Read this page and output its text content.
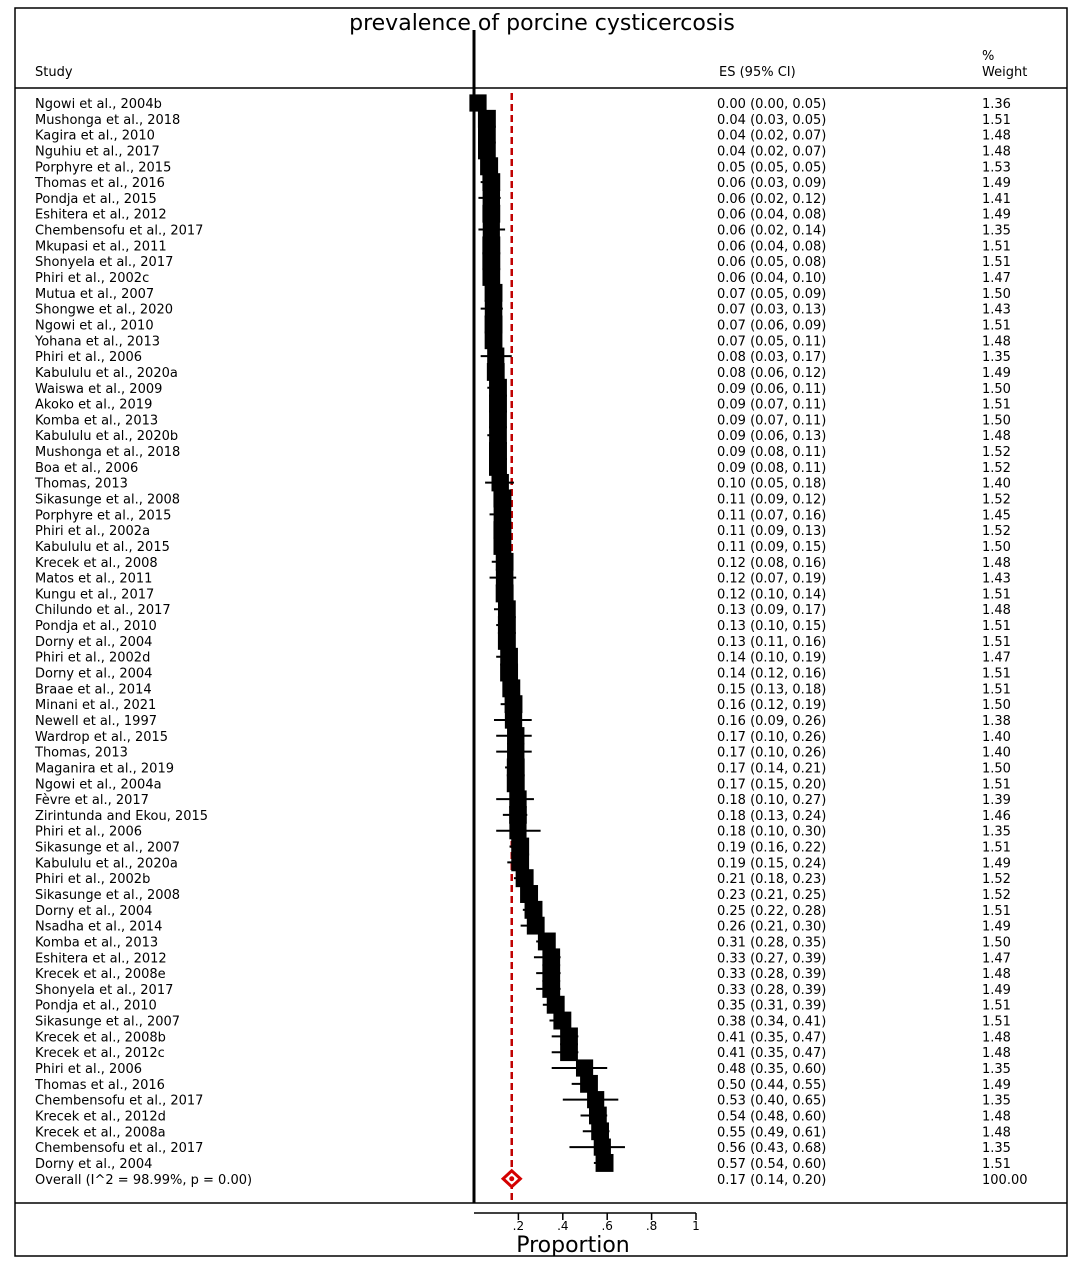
prevalence of porcine cysticercosis
Study	ES (95% CI)
%
Weight
Ngowi et al., 2004b	0.00 (0.00, 0.05)	1.36
Mushonga et al., 2018	0.04 (0.03, 0.05)	1.51
Kagira et al., 2010	0.04 (0.02, 0.07)	1.48
Nguhiu et al., 2017	0.04 (0.02, 0.07)	1.48
Porphyre et al., 2015	0.05 (0.05, 0.05)	1.53
Thomas et al., 2016	0.06 (0.03, 0.09)	1.49
Pondja et al., 2015	0.06 (0.02, 0.12)	1.41
Eshitera et al., 2012	0.06 (0.04, 0.08)	1.49
Chembensofu et al., 2017	0.06 (0.02, 0.14)	1.35
Mkupasi et al., 2011	0.06 (0.04, 0.08)	1.51
Shonyela et al., 2017	0.06 (0.05, 0.08)	1.51
Phiri et al., 2002c	0.06 (0.04, 0.10)	1.47
Mutua et al., 2007	0.07 (0.05, 0.09)	1.50
Shongwe et al., 2020	0.07 (0.03, 0.13)	1.43
Ngowi et al., 2010	0.07 (0.06, 0.09)	1.51
Yohana et al., 2013	0.07 (0.05, 0.11)	1.48
Phiri et al., 2006	0.08 (0.03, 0.17)	1.35
Kabululu et al., 2020a	0.08 (0.06, 0.12)	1.49
Waiswa et al., 2009	0.09 (0.06, 0.11)	1.50
Akoko et al., 2019	0.09 (0.07, 0.11)	1.51
Komba et al., 2013	0.09 (0.07, 0.11)	1.50
Kabululu et al., 2020b	0.09 (0.06, 0.13)	1.48
Mushonga et al., 2018	0.09 (0.08, 0.11)	1.52
Boa et al., 2006	0.09 (0.08, 0.11)	1.52
Thomas, 2013	0.10 (0.05, 0.18)	1.40
Sikasunge et al., 2008	0.11 (0.09, 0.12)	1.52
Porphyre et al., 2015	0.11 (0.07, 0.16)	1.45
Phiri et al., 2002a	0.11 (0.09, 0.13)	1.52
Kabululu et al., 2015	0.11 (0.09, 0.15)	1.50
Krecek et al., 2008	0.12 (0.08, 0.16)	1.48
Matos et al., 2011	0.12 (0.07, 0.19)	1.43
Kungu et al., 2017	0.12 (0.10, 0.14)	1.51
Chilundo et al., 2017	0.13 (0.09, 0.17)	1.48
Pondja et al., 2010	0.13 (0.10, 0.15)	1.51
Dorny et al., 2004	0.13 (0.11, 0.16)	1.51
Phiri et al., 2002d	0.14 (0.10, 0.19)	1.47
Dorny et al., 2004	0.14 (0.12, 0.16)	1.51
Braae et al., 2014	0.15 (0.13, 0.18)	1.51
Minani et al., 2021	0.16 (0.12, 0.19)	1.50
Newell et al., 1997	0.16 (0.09, 0.26)	1.38
Wardrop et al., 2015	0.17 (0.10, 0.26)	1.40
Thomas, 2013	0.17 (0.10, 0.26)	1.40
Maganira et al., 2019	0.17 (0.14, 0.21)	1.50
Ngowi et al., 2004a	0.17 (0.15, 0.20)	1.51
Fèvre et al., 2017	0.18 (0.10, 0.27)	1.39
Zirintunda and Ekou, 2015	0.18 (0.13, 0.24)	1.46
Phiri et al., 2006	0.18 (0.10, 0.30)	1.35
Sikasunge et al., 2007	0.19 (0.16, 0.22)	1.51
Kabululu et al., 2020a	0.19 (0.15, 0.24)	1.49
Phiri et al., 2002b	0.21 (0.18, 0.23)	1.52
Sikasunge et al., 2008	0.23 (0.21, 0.25)	1.52
Dorny et al., 2004	0.25 (0.22, 0.28)	1.51
Nsadha et al., 2014	0.26 (0.21, 0.30)	1.49
Komba et al., 2013	0.31 (0.28, 0.35)	1.50
Eshitera et al., 2012	0.33 (0.27, 0.39)	1.47
Krecek et al., 2008e	0.33 (0.28, 0.39)	1.48
Shonyela et al., 2017	0.33 (0.28, 0.39)	1.49
Pondja et al., 2010	0.35 (0.31, 0.39)	1.51
Sikasunge et al., 2007	0.38 (0.34, 0.41)	1.51
Krecek et al., 2008b	0.41 (0.35, 0.47)	1.48
Krecek et al., 2012c	0.41 (0.35, 0.47)	1.48
Phiri et al., 2006	0.48 (0.35, 0.60)	1.35
Thomas et al., 2016	0.50 (0.44, 0.55)	1.49
Chembensofu et al., 2017	0.53 (0.40, 0.65)	1.35
Krecek et al., 2012d	0.54 (0.48, 0.60)	1.48
Krecek et al., 2008a	0.55 (0.49, 0.61)	1.48
Chembensofu et al., 2017	0.56 (0.43, 0.68)	1.35
Dorny et al., 2004	0.57 (0.54, 0.60)	1.51
Overall (I^2 = 98.99%, p = 0.00)	0.17 (0.14, 0.20)	100.00
.2	.4	.6	.8	1
Proportion
